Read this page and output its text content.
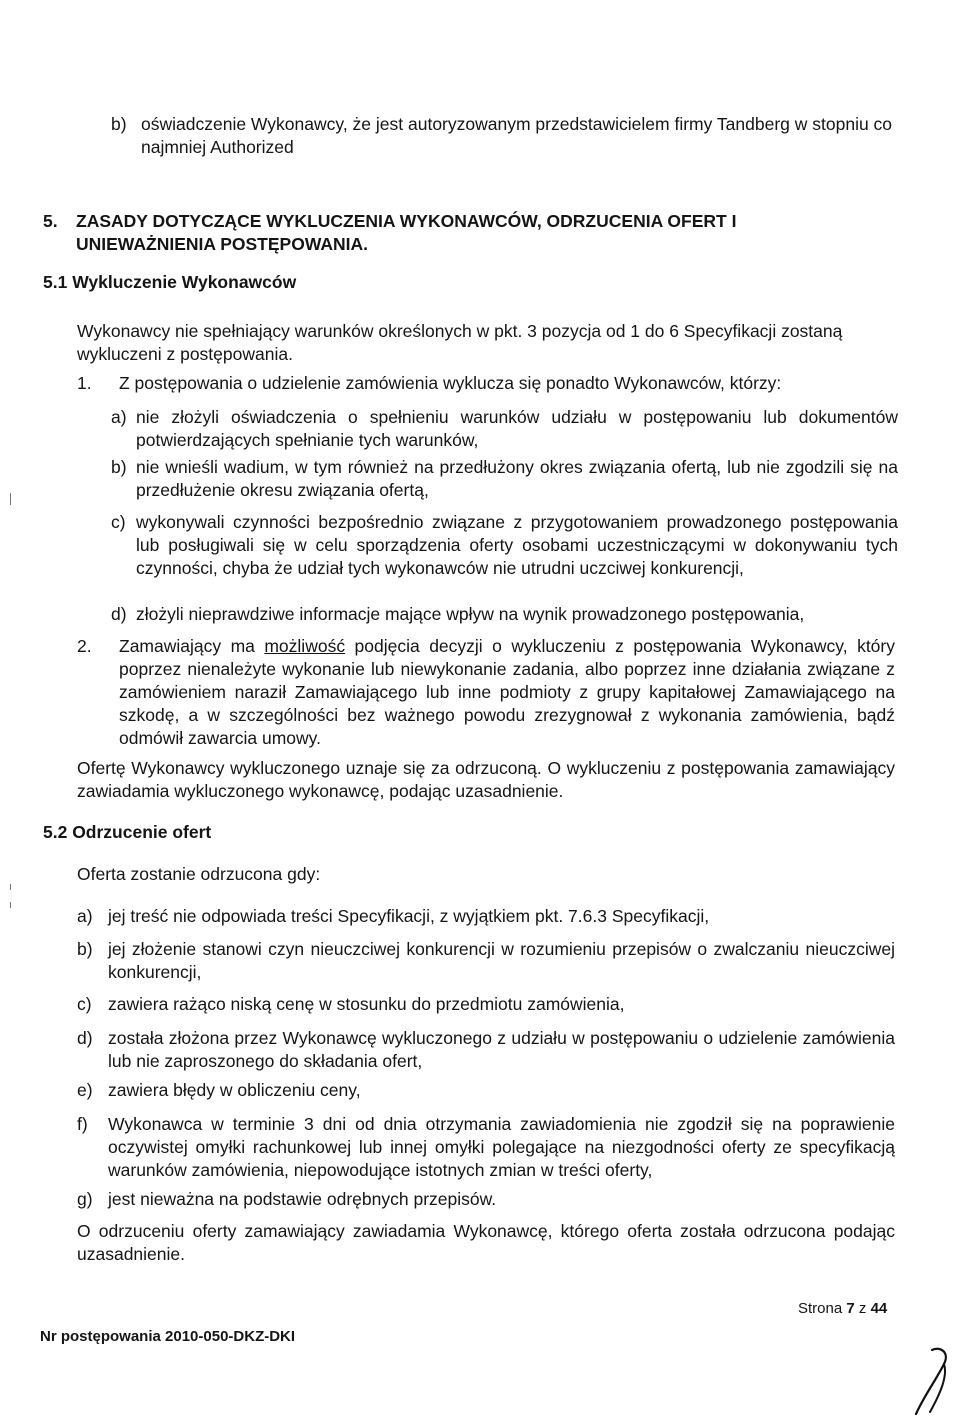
b) oświadczenie Wykonawcy, że jest autoryzowanym przedstawicielem firmy Tandberg w stopniu co najmniej Authorized
5.	ZASADY DOTYCZĄCE WYKLUCZENIA WYKONAWCÓW, ODRZUCENIA OFERT I UNIEWAŻNIENIA POSTĘPOWANIA.
5.1 Wykluczenie Wykonawców
Wykonawcy nie spełniający warunków określonych w pkt. 3 pozycja od 1 do 6 Specyfikacji zostaną wykluczeni z postępowania.
1.	Z postępowania o udzielenie zamówienia wyklucza się ponadto Wykonawców, którzy:
a) nie złożyli oświadczenia o spełnieniu warunków udziału w postępowaniu lub dokumentów potwierdzających spełnianie tych warunków,
b) nie wnieśli wadium, w tym również na przedłużony okres związania ofertą, lub nie zgodzili się na przedłużenie okresu związania ofertą,
c) wykonywali czynności bezpośrednio związane z przygotowaniem prowadzonego postępowania lub posługiwali się w celu sporządzenia oferty osobami uczestniczącymi w dokonywaniu tych czynności, chyba że udział tych wykonawców nie utrudni uczciwej konkurencji,
d) złożyli nieprawdziwe informacje mające wpływ na wynik prowadzonego postępowania,
2.	Zamawiający ma możliwość podjęcia decyzji o wykluczeniu z postępowania Wykonawcy, który poprzez nienależyte wykonanie lub niewykonanie zadania, albo poprzez inne działania związane z zamówieniem naraził Zamawiającego lub inne podmioty z grupy kapitałowej Zamawiającego na szkodę, a w szczególności bez ważnego powodu zrezygnował z wykonania zamówienia, bądź odmówił zawarcia umowy.
Ofertę Wykonawcy wykluczonego uznaje się za odrzuconą. O wykluczeniu z postępowania zamawiający zawiadamia wykluczonego wykonawcę, podając uzasadnienie.
5.2 Odrzucenie ofert
Oferta zostanie odrzucona gdy:
a) jej treść nie odpowiada treści Specyfikacji, z wyjątkiem pkt. 7.6.3 Specyfikacji,
b) jej złożenie stanowi czyn nieuczciwej konkurencji w rozumieniu przepisów o zwalczaniu nieuczciwej konkurencji,
c) zawiera rażąco niską cenę w stosunku do przedmiotu zamówienia,
d) została złożona przez Wykonawcę wykluczonego z udziału w postępowaniu o udzielenie zamówienia lub nie zaproszonego do składania ofert,
e) zawiera błędy w obliczeniu ceny,
f)	Wykonawca w terminie 3 dni od dnia otrzymania zawiadomienia nie zgodził się na poprawienie oczywistej omyłki rachunkowej lub innej omyłki polegające na niezgodności oferty ze specyfikacją warunków zamówienia, niepowodujące istotnych zmian w treści oferty,
g) jest nieważna na podstawie odrębnych przepisów.
O odrzuceniu oferty zamawiający zawiadamia Wykonawcę, którego oferta została odrzucona podając uzasadnienie.
Strona 7 z 44
Nr postępowania 2010-050-DKZ-DKI
